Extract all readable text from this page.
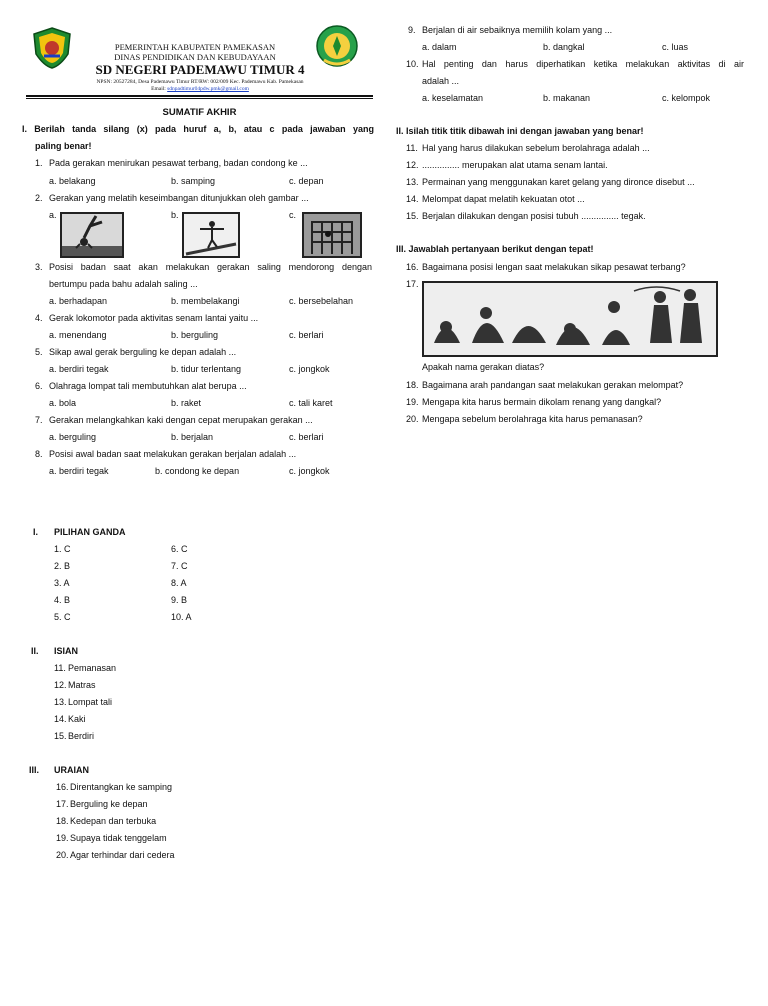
PEMERINTAH KABUPATEN PAMEKASAN
DINAS PENDIDIKAN DAN KEBUDAYAAN
SD NEGERI PADEMAWU TIMUR 4
NPSN: 20527284, Desa Pademawu Timur RT/RW: 002/009 Kec. Pademawu Kab. Pamekasan
Email: sdnpadtimur04pdw.pmk@gmail.com
SUMATIF AKHIR
I. Berilah tanda silang (x) pada huruf a, b, atau c pada jawaban yang
paling benar!
1. Pada gerakan menirukan pesawat terbang, badan condong ke ...
a. belakang	b. samping	c. depan
2. Gerakan yang melatih keseimbangan ditunjukkan oleh gambar ...
a.	b.	c.
3. Posisi badan saat akan melakukan gerakan saling mendorong dengan
bertumpu pada bahu adalah saling ...
a. berhadapan	b. membelakangi	c. bersebelahan
4. Gerak lokomotor pada aktivitas senam lantai yaitu ...
a. menendang	b. berguling	c. berlari
5. Sikap awal gerak berguling ke depan adalah ...
a. berdiri tegak	b. tidur terlentang	c. jongkok
6. Olahraga lompat tali membutuhkan alat berupa ...
a. bola	b. raket	c. tali karet
7. Gerakan melangkahkan kaki dengan cepat merupakan gerakan ...
a. berguling	b. berjalan	c. berlari
8. Posisi awal badan saat melakukan gerakan berjalan adalah ...
a. berdiri tegak	b. condong ke depan	c. jongkok
9. Berjalan di air sebaiknya memilih kolam yang ...
a. dalam	b. dangkal	c. luas
10. Hal penting dan harus diperhatikan ketika melakukan aktivitas di air
adalah ...
a. keselamatan	b. makanan	c. kelompok
II. Isilah titik titik dibawah ini dengan jawaban yang benar!
11. Hal yang harus dilakukan sebelum berolahraga adalah ...
12. ............... merupakan alat utama senam lantai.
13. Permainan yang menggunakan karet gelang yang dironce disebut ...
14. Melompat dapat melatih kekuatan otot ...
15. Berjalan dilakukan dengan posisi tubuh ............... tegak.
III. Jawablah pertanyaan berikut dengan tepat!
16. Bagaimana posisi lengan saat melakukan sikap pesawat terbang?
17.
Apakah nama gerakan diatas?
18. Bagaimana arah pandangan saat melakukan gerakan melompat?
19. Mengapa kita harus bermain dikolam renang yang dangkal?
20. Mengapa sebelum berolahraga kita harus pemanasan?
I. PILIHAN GANDA
1. C
2. B
3. A
4. B
5. C
6. C
7. C
8. A
9. B
10. A
II. ISIAN
11. Pemanasan
12. Matras
13. Lompat tali
14. Kaki
15. Berdiri
III. URAIAN
16. Direntangkan ke samping
17. Berguling ke depan
18. Kedepan dan terbuka
19. Supaya tidak tenggelam
20. Agar terhindar dari cedera
